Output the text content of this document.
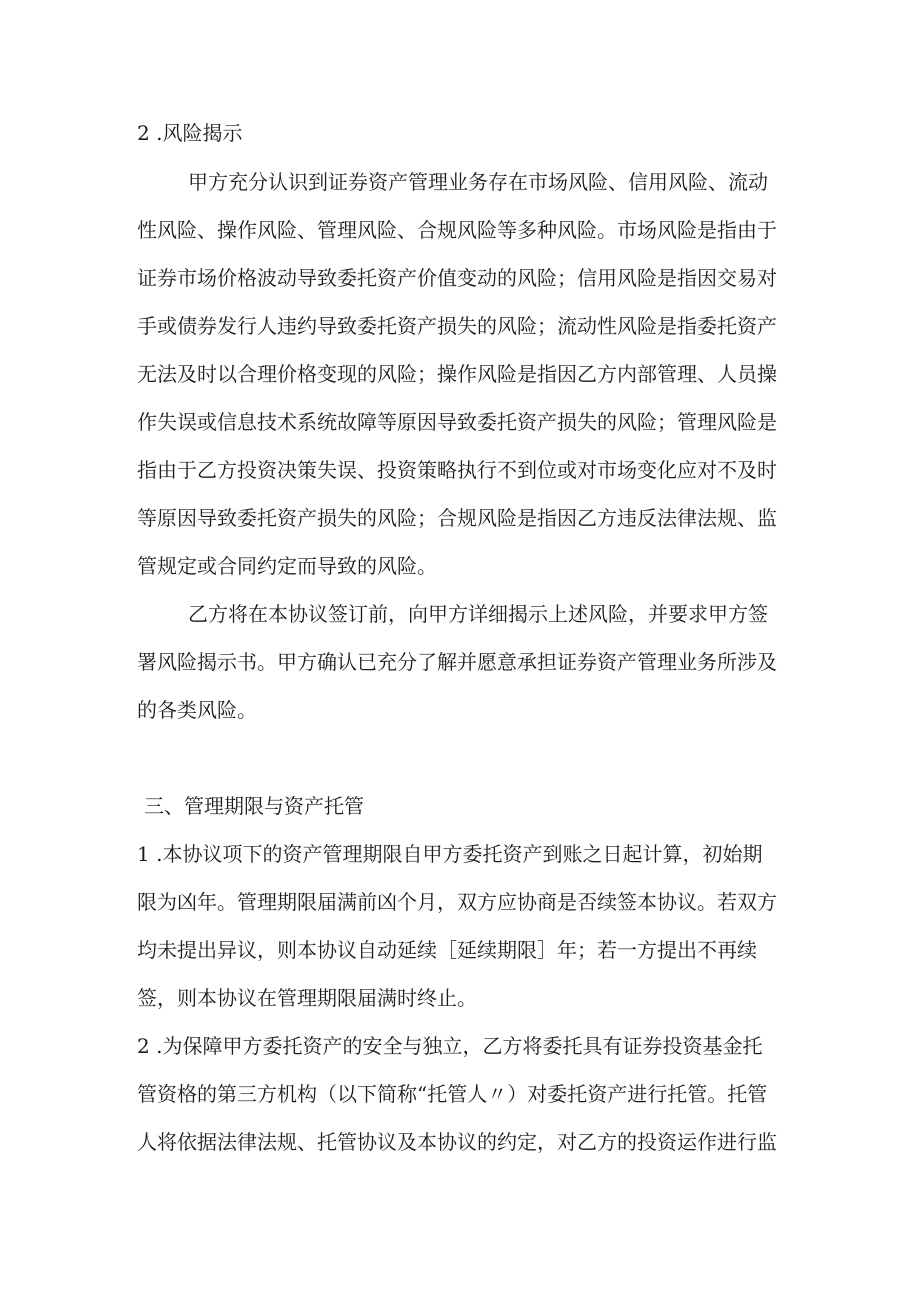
2 .风险揭示
甲方充分认识到证券资产管理业务存在市场风险、信用风险、流动
性风险、操作风险、管理风险、合规风险等多种风险。市场风险是指由于
证券市场价格波动导致委托资产价值变动的风险；信用风险是指因交易对
手或债券发行人违约导致委托资产损失的风险；流动性风险是指委托资产
无法及时以合理价格变现的风险；操作风险是指因乙方内部管理、人员操
作失误或信息技术系统故障等原因导致委托资产损失的风险；管理风险是
指由于乙方投资决策失误、投资策略执行不到位或对市场变化应对不及时
等原因导致委托资产损失的风险；合规风险是指因乙方违反法律法规、监
管规定或合同约定而导致的风险。
乙方将在本协议签订前，向甲方详细揭示上述风险，并要求甲方签
署风险揭示书。甲方确认已充分了解并愿意承担证券资产管理业务所涉及
的各类风险。
三、管理期限与资产托管
1 .本协议项下的资产管理期限自甲方委托资产到账之日起计算，初始期
限为凶年。管理期限届满前凶个月，双方应协商是否续签本协议。若双方
均未提出异议，则本协议自动延续［延续期限］年；若一方提出不再续
签，则本协议在管理期限届满时终止。
2 .为保障甲方委托资产的安全与独立，乙方将委托具有证券投资基金托
管资格的第三方机构（以下简称“托管人〃）对委托资产进行托管。托管
人将依据法律法规、托管协议及本协议的约定，对乙方的投资运作进行监
